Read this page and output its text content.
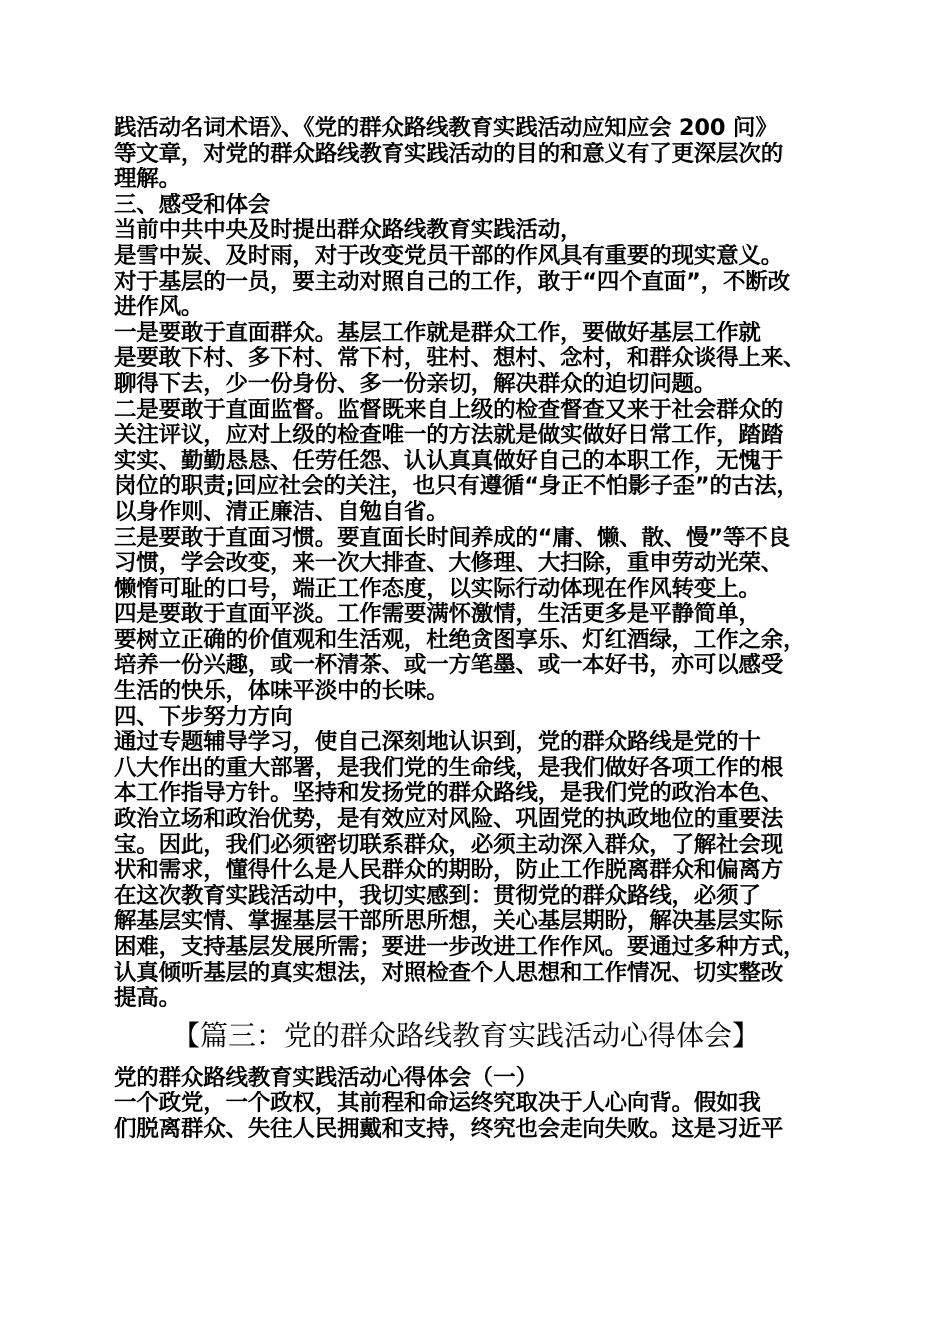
践活动名词术语》、《党的群众路线教育实践活动应知应会 200 问》
等文章，对党的群众路线教育实践活动的目的和意义有了更深层次的
理解。
三、感受和体会
当前中共中央及时提出群众路线教育实践活动，
是雪中炭、及时雨，对于改变党员干部的作风具有重要的现实意义。
对于基层的一员，要主动对照自己的工作，敢于“四个直面”，不断改
进作风。
一是要敢于直面群众。基层工作就是群众工作，要做好基层工作就
是要敢下村、多下村、常下村，驻村、想村、念村，和群众谈得上来、
聊得下去，少一份身份、多一份亲切，解决群众的迫切问题。
二是要敢于直面监督。监督既来自上级的检查督查又来于社会群众的
关注评议，应对上级的检查唯一的方法就是做实做好日常工作，踏踏
实实、勤勤恳恳、任劳任怨、认认真真做好自己的本职工作，无愧于
岗位的职责;回应社会的关注，也只有遵循“身正不怕影子歪”的古法，
以身作则、清正廉洁、自勉自省。
三是要敢于直面习惯。要直面长时间养成的“庸、懒、散、慢”等不良
习惯，学会改变，来一次大排查、大修理、大扫除，重申劳动光荣、
懒惰可耻的口号，端正工作态度，以实际行动体现在作风转变上。
四是要敢于直面平淡。工作需要满怀激情，生活更多是平静简单，
要树立正确的价值观和生活观，杜绝贪图享乐、灯红酒绿，工作之余，
培养一份兴趣，或一杯清茶、或一方笔墨、或一本好书，亦可以感受
生活的快乐，体味平淡中的长味。
四、下步努力方向
通过专题辅导学习，使自己深刻地认识到，党的群众路线是党的十
八大作出的重大部署，是我们党的生命线，是我们做好各项工作的根
本工作指导方针。坚持和发扬党的群众路线，是我们党的政治本色、
政治立场和政治优势，是有效应对风险、巩固党的执政地位的重要法
宝。因此，我们必须密切联系群众，必须主动深入群众，了解社会现
状和需求，懂得什么是人民群众的期盼，防止工作脱离群众和偏离方
在这次教育实践活动中，我切实感到：贯彻党的群众路线，必须了
解基层实情、掌握基层干部所思所想，关心基层期盼，解决基层实际
困难，支持基层发展所需；要进一步改进工作作风。要通过多种方式，
认真倾听基层的真实想法，对照检查个人思想和工作情况、切实整改
提高。
【篇三：党的群众路线教育实践活动心得体会】
党的群众路线教育实践活动心得体会（一）
一个政党，一个政权，其前程和命运终究取决于人心向背。假如我
们脱离群众、失往人民拥戴和支持，终究也会走向失败。这是习近平
